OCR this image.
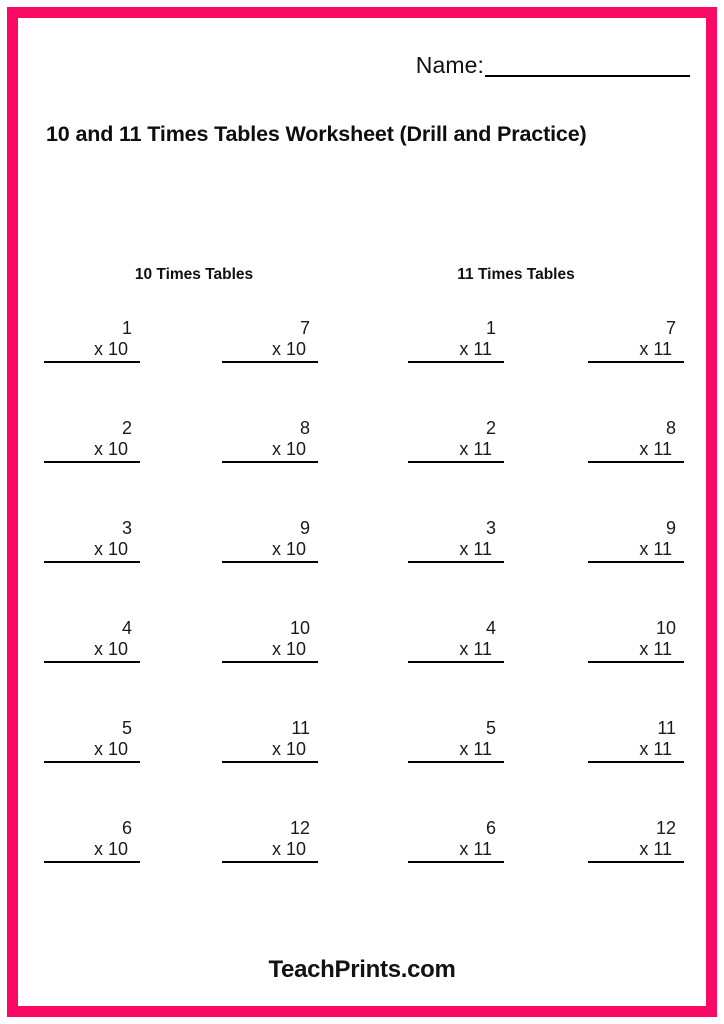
Name:
10 and 11 Times Tables Worksheet (Drill and Practice)
10 Times Tables	11 Times Tables
1
x 10
7
x 10
1
x 11
7
x 11
2
x 10
8
x 10
2
x 11
8
x 11
3
x 10
9
x 10
3
x 11
9
x 11
4
x 10
10
x 10
4
x 11
10
x 11
5
x 10
11
x 10
5
x 11
11
x 11
6
x 10
12
x 10
6
x 11
12
x 11
TeachPrints.com
